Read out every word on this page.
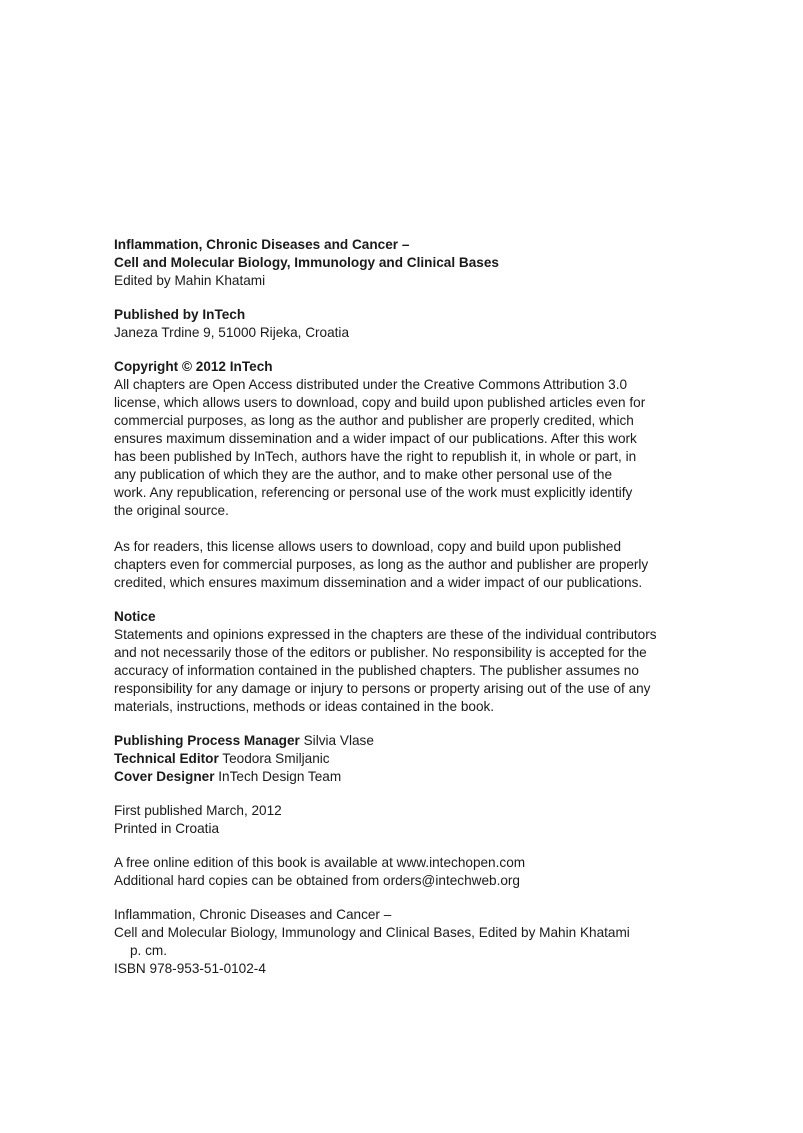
Inflammation, Chronic Diseases and Cancer –
Cell and Molecular Biology, Immunology and Clinical Bases
Edited by Mahin Khatami
Published by InTech
Janeza Trdine 9, 51000 Rijeka, Croatia
Copyright © 2012 InTech
All chapters are Open Access distributed under the Creative Commons Attribution 3.0
license, which allows users to download, copy and build upon published articles even for
commercial purposes, as long as the author and publisher are properly credited, which
ensures maximum dissemination and a wider impact of our publications. After this work
has been published by InTech, authors have the right to republish it, in whole or part, in
any publication of which they are the author, and to make other personal use of the
work. Any republication, referencing or personal use of the work must explicitly identify
the original source.
As for readers, this license allows users to download, copy and build upon published
chapters even for commercial purposes, as long as the author and publisher are properly
credited, which ensures maximum dissemination and a wider impact of our publications.
Notice
Statements and opinions expressed in the chapters are these of the individual contributors
and not necessarily those of the editors or publisher. No responsibility is accepted for the
accuracy of information contained in the published chapters. The publisher assumes no
responsibility for any damage or injury to persons or property arising out of the use of any
materials, instructions, methods or ideas contained in the book.
Publishing Process Manager Silvia Vlase
Technical Editor Teodora Smiljanic
Cover Designer InTech Design Team
First published March, 2012
Printed in Croatia
A free online edition of this book is available at www.intechopen.com
Additional hard copies can be obtained from orders@intechweb.org
Inflammation, Chronic Diseases and Cancer –
Cell and Molecular Biology, Immunology and Clinical Bases, Edited by Mahin Khatami
p. cm.
ISBN 978-953-51-0102-4
